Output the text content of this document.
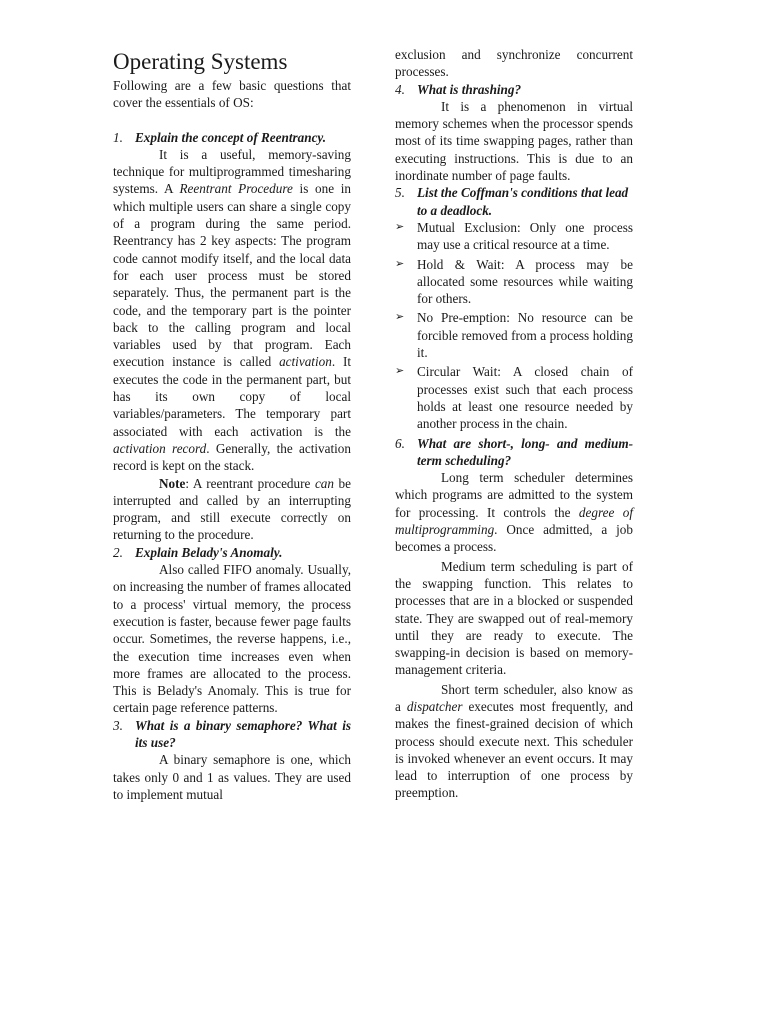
Operating Systems

Following are a few basic questions that cover the essentials of OS:

1. Explain the concept of Reentrancy.

It is a useful, memory-saving technique for multiprogrammed timesharing systems. A Reentrant Procedure is one in which multiple users can share a single copy of a program during the same period. Reentrancy has 2 key aspects: The program code cannot modify itself, and the local data for each user process must be stored separately. Thus, the permanent part is the code, and the temporary part is the pointer back to the calling program and local variables used by that program. Each execution instance is called activation. It executes the code in the permanent part, but has its own copy of local variables/parameters. The temporary part associated with each activation is the activation record. Generally, the activation record is kept on the stack.

Note: A reentrant procedure can be interrupted and called by an interrupting program, and still execute correctly on returning to the procedure.

2. Explain Belady's Anomaly.

Also called FIFO anomaly. Usually, on increasing the number of frames allocated to a process' virtual memory, the process execution is faster, because fewer page faults occur. Sometimes, the reverse happens, i.e., the execution time increases even when more frames are allocated to the process. This is Belady's Anomaly. This is true for certain page reference patterns.

3. What is a binary semaphore? What is its use?

A binary semaphore is one, which takes only 0 and 1 as values. They are used to implement mutual

exclusion and synchronize concurrent processes.

4. What is thrashing?

It is a phenomenon in virtual memory schemes when the processor spends most of its time swapping pages, rather than executing instructions. This is due to an inordinate number of page faults.

5. List the Coffman's conditions that lead to a deadlock.
➢ Mutual Exclusion: Only one process may use a critical resource at a time.
➢ Hold & Wait: A process may be allocated some resources while waiting for others.
➢ No Pre-emption: No resource can be forcible removed from a process holding it.
➢ Circular Wait: A closed chain of processes exist such that each process holds at least one resource needed by another process in the chain.
6. What are short-, long- and medium-term scheduling?

Long term scheduler determines which programs are admitted to the system for processing. It controls the degree of multiprogramming. Once admitted, a job becomes a process.

Medium term scheduling is part of the swapping function. This relates to processes that are in a blocked or suspended state. They are swapped out of real-memory until they are ready to execute. The swapping-in decision is based on memory-management criteria.

Short term scheduler, also know as a dispatcher executes most frequently, and makes the finest-grained decision of which process should execute next. This scheduler is invoked whenever an event occurs. It may lead to interruption of one process by preemption.
